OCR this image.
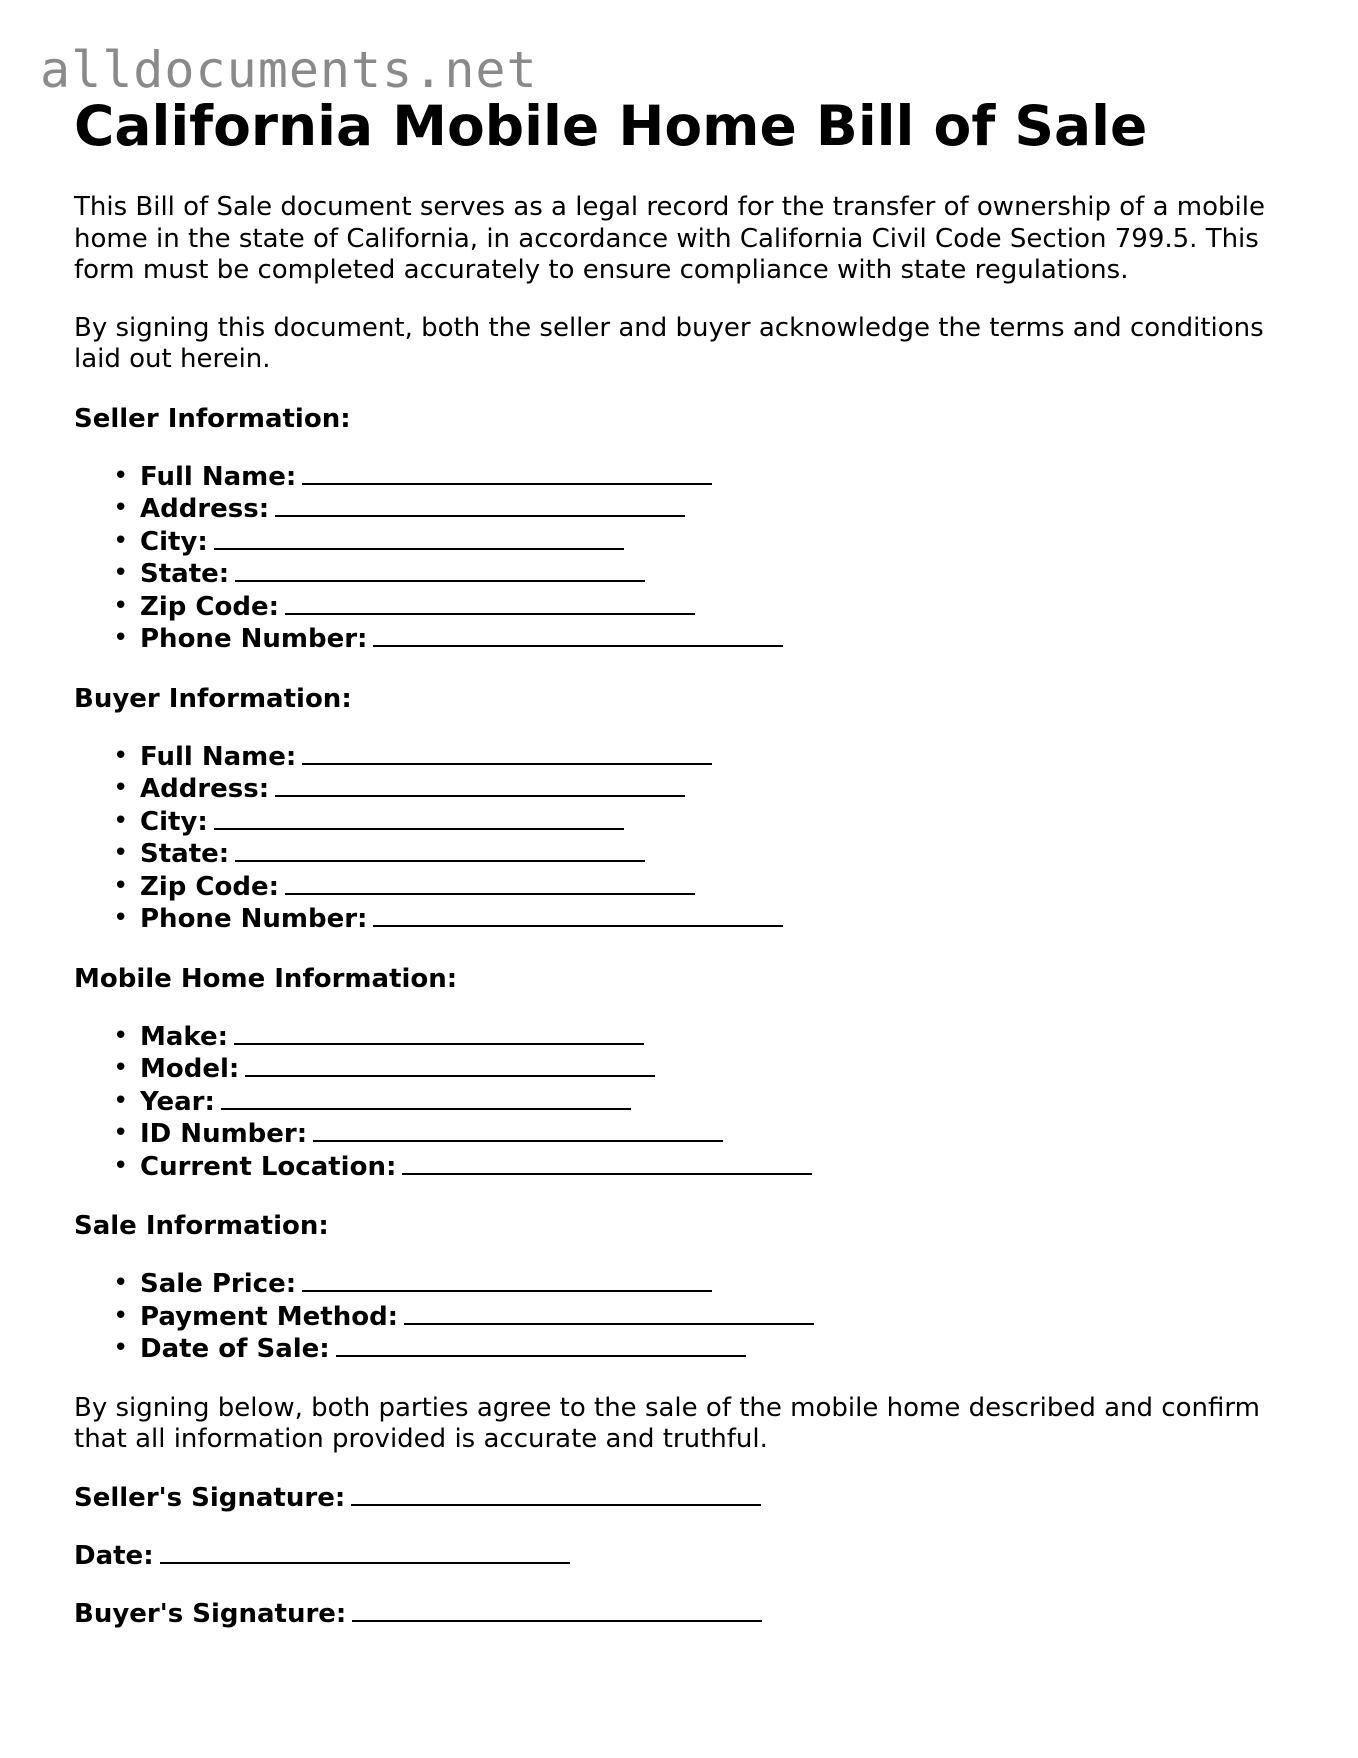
alldocuments.net
California Mobile Home Bill of Sale

This Bill of Sale document serves as a legal record for the transfer of ownership of a mobile home in the state of California, in accordance with California Civil Code Section 799.5. This form must be completed accurately to ensure compliance with state regulations.

By signing this document, both the seller and buyer acknowledge the terms and conditions laid out herein.

Seller Information:
• Full Name:
• Address:
• City:
• State:
• Zip Code:
• Phone Number:
Buyer Information:
• Full Name:
• Address:
• City:
• State:
• Zip Code:
• Phone Number:
Mobile Home Information:
• Make:
• Model:
• Year:
• ID Number:
• Current Location:
Sale Information:
• Sale Price:
• Payment Method:
• Date of Sale:

By signing below, both parties agree to the sale of the mobile home described and confirm that all information provided is accurate and truthful.

Seller's Signature:
Date:
Buyer's Signature:
